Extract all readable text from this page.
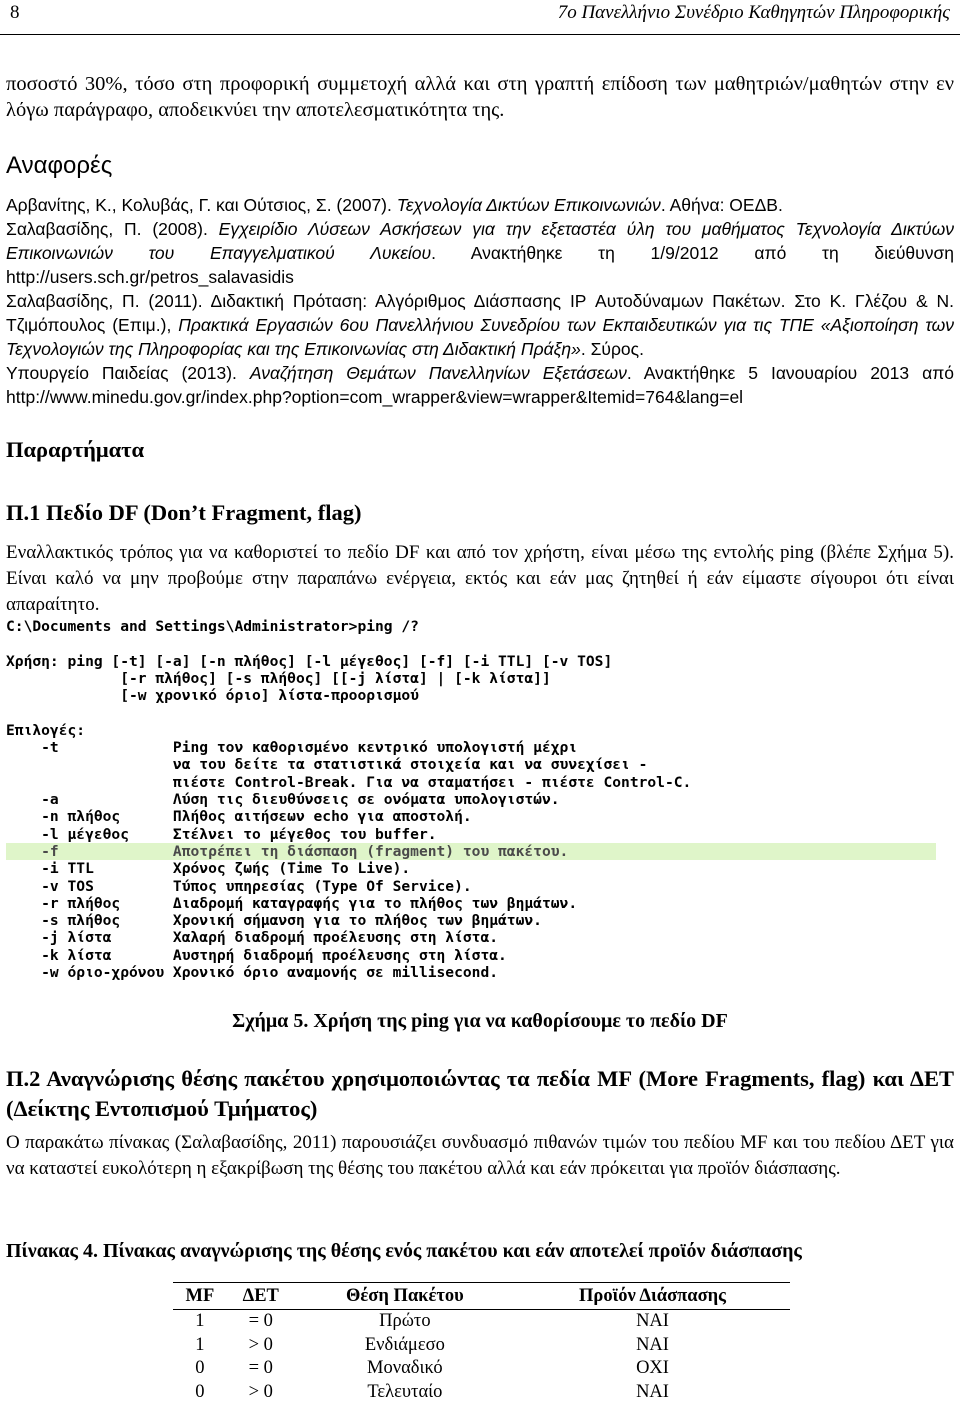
8	7ο Πανελλήνιο Συνέδριο Καθηγητών Πληροφορικής
ποσοστό 30%, τόσο στη προφορική συμμετοχή αλλά και στη γραπτή επίδοση των μαθητριών/μαθητών στην εν λόγω παράγραφο, αποδεικνύει την αποτελεσματικότητα της.
Αναφορές

Αρβανίτης, Κ., Κολυβάς, Γ. και Ούτσιος, Σ. (2007). Τεχνολογία Δικτύων Επικοινωνιών. Αθήνα: ΟΕΔΒ.

Σαλαβασίδης, Π. (2008). Εγχειρίδιο Λύσεων Ασκήσεων για την εξεταστέα ύλη του μαθήματος Τεχνολογία Δικτύων Επικοινωνιών του Επαγγελματικού Λυκείου. Ανακτήθηκε τη 1/9/2012 από τη διεύθυνση http://users.sch.gr/petros_salavasidis

Σαλαβασίδης, Π. (2011). Διδακτική Πρόταση: Αλγόριθμος Διάσπασης IP Αυτοδύναμων Πακέτων. Στο Κ. Γλέζου & Ν. Τζιμόπουλος (Επιμ.), Πρακτικά Εργασιών 6ου Πανελλήνιου Συνεδρίου των Εκπαιδευτικών για τις ΤΠΕ «Αξιοποίηση των Τεχνολογιών της Πληροφορίας και της Επικοινωνίας στη Διδακτική Πράξη». Σύρος.

Υπουργείο Παιδείας (2013). Αναζήτηση Θεμάτων Πανελληνίων Εξετάσεων. Ανακτήθηκε 5 Ιανουαρίου 2013 από http://www.minedu.gov.gr/index.php?option=com_wrapper&view=wrapper&Itemid=764&lang=el

Παραρτήματα
Π.1 Πεδίο DF (Don’t Fragment, flag)
Εναλλακτικός τρόπος για να καθοριστεί το πεδίο DF και από τον χρήστη, είναι μέσω της εντολής ping (βλέπε Σχήμα 5). Είναι καλό να μην προβούμε στην παραπάνω ενέργεια, εκτός και εάν μας ζητηθεί ή εάν είμαστε σίγουροι ότι είναι απαραίτητο.
C:\Documents and Settings\Administrator>ping /?
Χρήση: ping [-t] [-a] [-n πλήθος] [-l μέγεθος] [-f] [-i TTL] [-v TOS]
[-r πλήθος] [-s πλήθος] [[-j λίστα] | [-k λίστα]]
[-w χρονικό όριο] λίστα-προορισμού
Επιλογές:
-t             Ping τον καθορισμένο κεντρικό υπολογιστή μέχρι
να του δείτε τα στατιστικά στοιχεία και να συνεχίσει -
πιέστε Control-Break. Για να σταματήσει - πιέστε Control-C.
-a             Λύση τις διευθύνσεις σε ονόματα υπολογιστών.
-n πλήθος      Πλήθος αιτήσεων echo για αποστολή.
-l μέγεθος     Στέλνει το μέγεθος του buffer.
-f             Αποτρέπει τη διάσπαση (fragment) του πακέτου.
-i TTL         Χρόνος ζωής (Time To Live).
-v TOS         Τύπος υπηρεσίας (Type Of Service).
-r πλήθος      Διαδρομή καταγραφής για το πλήθος των βημάτων.
-s πλήθος      Χρονική σήμανση για το πλήθος των βημάτων.
-j λίστα       Χαλαρή διαδρομή προέλευσης στη λίστα.
-k λίστα       Αυστηρή διαδρομή προέλευσης στη λίστα.
-w όριο-χρόνου Χρονικό όριο αναμονής σε millisecond.
Σχήμα 5. Χρήση της ping για να καθορίσουμε το πεδίο DF
Π.2 Αναγνώρισης θέσης πακέτου χρησιμοποιώντας τα πεδία MF (More Fragments, flag) και ΔΕΤ (Δείκτης Εντοπισμού Τμήματος)
Ο παρακάτω πίνακας (Σαλαβασίδης, 2011) παρουσιάζει συνδυασμό πιθανών τιμών του πεδίου MF και του πεδίου ΔΕΤ για να καταστεί ευκολότερη η εξακρίβωση της θέσης του πακέτου αλλά και εάν πρόκειται για προϊόν διάσπασης.
Πίνακας 4. Πίνακας αναγνώρισης της θέσης ενός πακέτου και εάν αποτελεί προϊόν διάσπασης
MF	ΔΕΤ	Θέση Πακέτου	Προϊόν Διάσπασης
1	= 0	Πρώτο	ΝΑΙ
1	> 0	Ενδιάμεσο	ΝΑΙ
0	= 0	Μοναδικό	ΟΧΙ
0	> 0	Τελευταίο	ΝΑΙ
